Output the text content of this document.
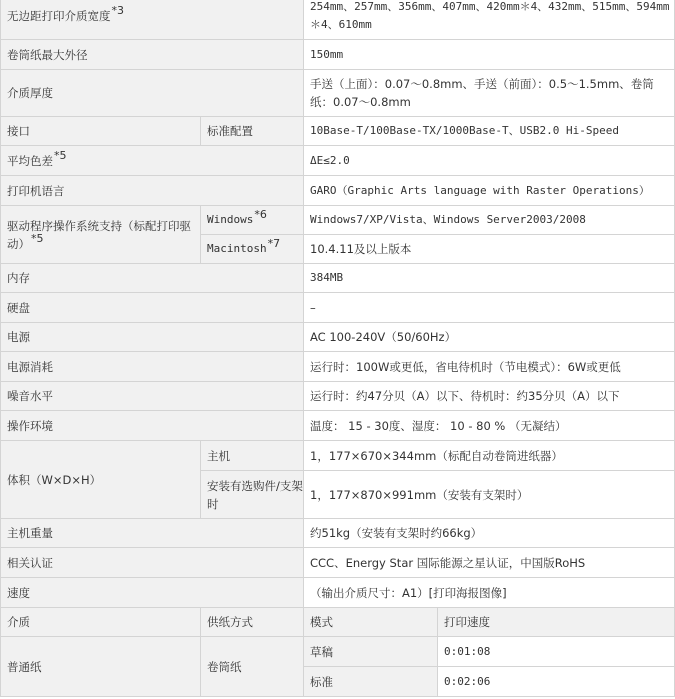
无边距打印介质宽度$^{*3}$		254mm、257mm、356mm、407mm、420mm＊4、432mm、515mm、594mm＊4、610mm	
卷筒纸最大外径		150mm	
介质厚度		手送（上面）：0.07～0.8mm、手送（前面）：0.5～1.5mm、卷筒纸：0.07～0.8mm	
接口	标准配置	10Base-T/100Base-TX/1000Base-T、USB2.0 Hi-Speed	
平均色差$^{*5}$		ΔE≤2.0	
打印机语言		GARO（Graphic Arts language with Raster Operations）	
驱动程序操作系统支持（标配打印驱动）$^{*5}$	Windows$^{*6}$	Windows7/XP/Vista、Windows Server2003/2008	
	Macintosh$^{*7}$	10.4.11及以上版本	
内存		384MB	
硬盘		–	
电源		AC 100-240V（50/60Hz）	
电源消耗		运行时：100W或更低，省电待机时（节电模式）：6W或更低	
噪音水平		运行时：约47分贝（A）以下、待机时：约35分贝（A）以下	
操作环境		温度： 15 - 30度、湿度： 10 - 80 % （无凝结）	
体积（W×D×H）	主机	1，177×670×344mm（标配自动卷筒进纸器）	
	安装有选购件/支架时	1，177×870×991mm（安装有支架时）	
主机重量		约51kg（安装有支架时约66kg）	
相关认证		CCC、Energy Star 国际能源之星认证，中国版RoHS	
速度		（输出介质尺寸：A1）[打印海报图像]	
介质	供纸方式	模式	打印速度
普通纸	卷筒纸	草稿	0:01:08
		标准	0:02:06
